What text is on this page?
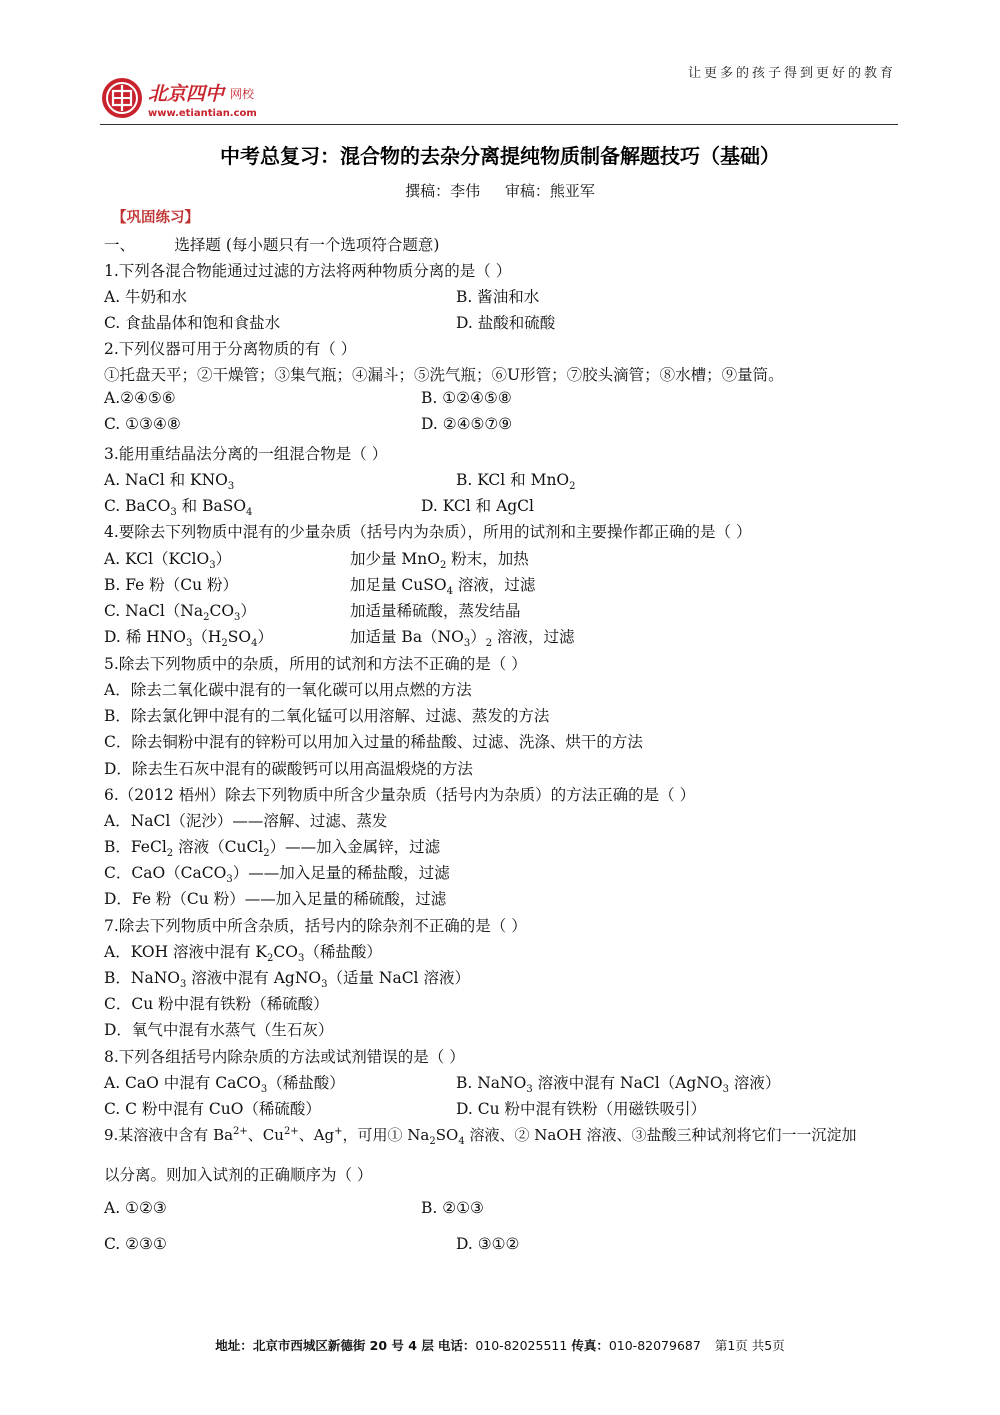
北京四中 网校
www.etiantian.com
让更多的孩子得到更好的教育
中考总复习：混合物的去杂分离提纯物质制备解题技巧（基础）
撰稿：李伟 审稿：熊亚军
【巩固练习】
一、        选择题 (每小题只有一个选项符合题意)
1.下列各混合物能通过过滤的方法将两种物质分离的是（ ）
A. 牛奶和水	B. 酱油和水
C. 食盐晶体和饱和食盐水	D. 盐酸和硫酸
2.下列仪器可用于分离物质的有（ ）
①托盘天平；②干燥管；③集气瓶；④漏斗；⑤洗气瓶；⑥U形管；⑦胶头滴管；⑧水槽；⑨量筒。
A.②④⑤⑥	B. ①②④⑤⑧
C. ①③④⑧	D. ②④⑤⑦⑨
3.能用重结晶法分离的一组混合物是（ ）
A. NaCl 和 $KNO_3$	B. KCl 和 MnO$_2$
C. BaCO$_3$ 和 BaSO$_4$	D. KCl 和 AgCl
4.要除去下列物质中混有的少量杂质（括号内为杂质），所用的试剂和主要操作都正确的是（ ）
A. KCl（KClO$_3$）	加少量 MnO$_2$ 粉末，加热
B. Fe 粉（Cu 粉）	加足量 CuSO$_4$ 溶液，过滤
C. $NaCl(Na_2CO_3)$	加适量稀硫酸，蒸发结晶
D. 稀 $HNO_3(H_2SO_4)$	加适量 $Ba(NO_3)_2$ 溶液，过滤
5.除去下列物质中的杂质，所用的试剂和方法不正确的是（ ）
A．除去二氧化碳中混有的一氧化碳可以用点燃的方法
B．除去氯化钾中混有的二氧化锰可以用溶解、过滤、蒸发的方法
C．除去铜粉中混有的锌粉可以用加入过量的稀盐酸、过滤、洗涤、烘干的方法
D．除去生石灰中混有的碳酸钙可以用高温煅烧的方法
6.（2012 梧州）除去下列物质中所含少量杂质（括号内为杂质）的方法正确的是（ ）
A．NaCl（泥沙）——溶解、过滤、蒸发
B．FeCl$_2$ 溶液（CuCl$_2$）——加入金属锌，过滤
C．CaO（CaCO$_3$）——加入足量的稀盐酸，过滤
D．Fe 粉（Cu 粉）——加入足量的稀硫酸，过滤
7.除去下列物质中所含杂质，括号内的除杂剂不正确的是（ ）
A．KOH 溶液中混有 $K_2CO_3$（稀盐酸）
B．NaNO$_3$ 溶液中混有 AgNO$_3$（适量 NaCl 溶液）
C．Cu 粉中混有铁粉（稀硫酸）
D．氧气中混有水蒸气（生石灰）
8.下列各组括号内除杂质的方法或试剂错误的是（ ）
A. CaO 中混有 CaCO$_3$（稀盐酸）	B. NaNO$_3$ 溶液中混有 NaCl（AgNO$_3$ 溶液）
C. C 粉中混有 CuO（稀硫酸）	D. Cu 粉中混有铁粉（用磁铁吸引）
9.某溶液中含有 $Ba^{2+}$、$Cu^{2+}$、Ag+，可用① $Na_2SO_4$ 溶液、② NaOH 溶液、③盐酸三种试剂将它们一一沉淀加
以分离。则加入试剂的正确顺序为（ ）
A. ①②③	B. ②①③
C. ②③①	D. ③①②
地址：北京市西城区新德街 20 号 4 层 电话：010-82025511 传真：010-82079687 第1页 共5页
